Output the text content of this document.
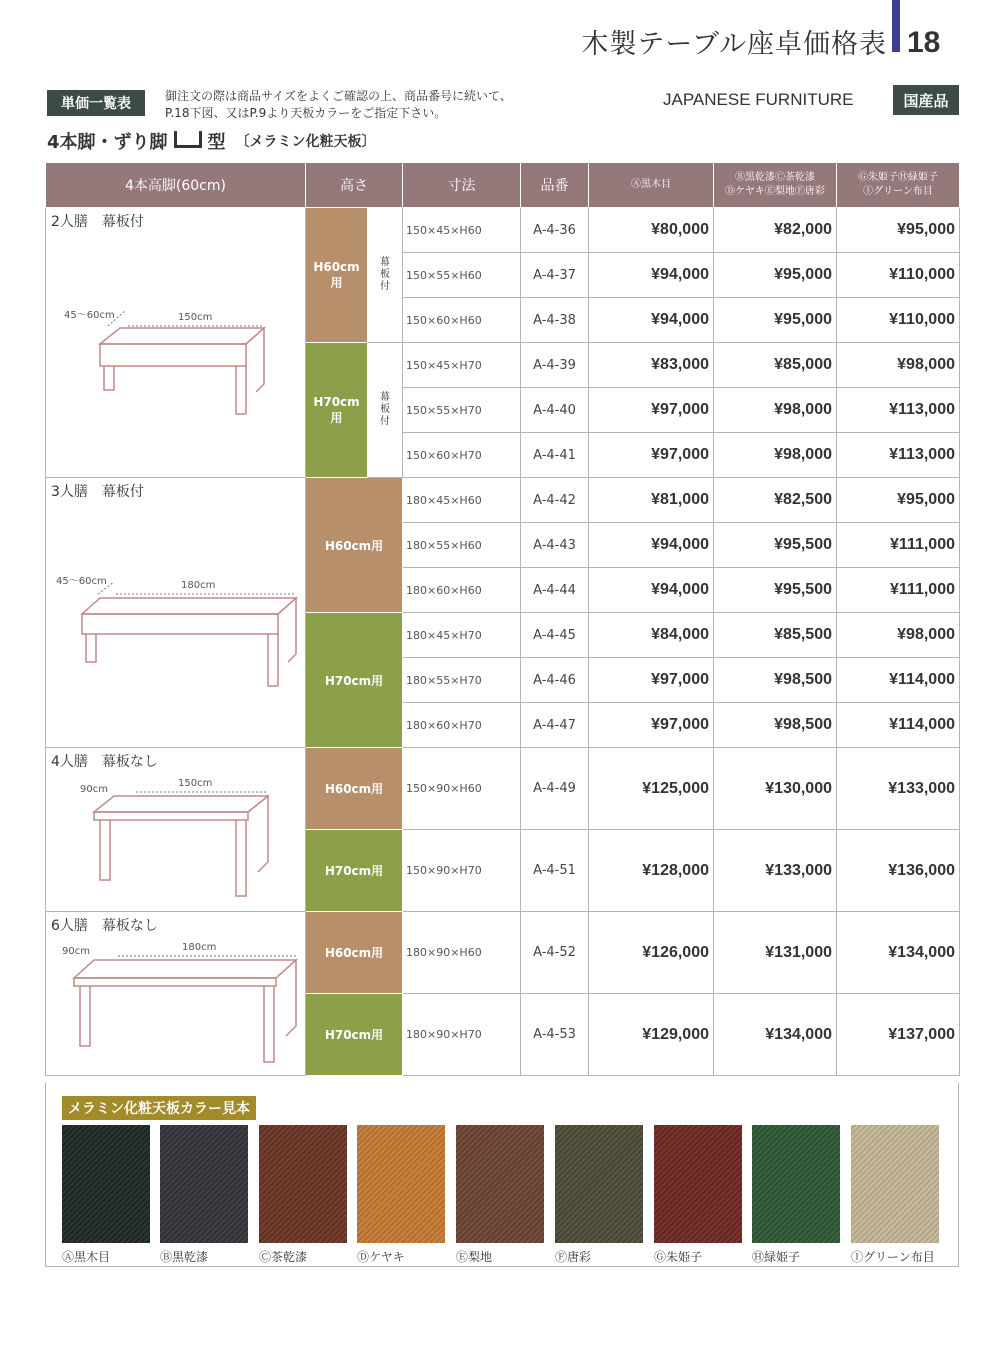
木製テーブル座卓価格表 18
単価一覧表	御注文の際は商品サイズをよくご確認の上、商品番号に続いて、
P.18下図、又はP.9より天板カラーをご指定下さい。
JAPANESE FURNITURE	国産品
4本脚・ずり脚 型 〔メラミン化粧天板〕
4本高脚(60cm)	高さ		寸法	品番	Ⓐ黒木目	Ⓑ黒乾漆Ⓒ茶乾漆
ⒹケヤキⒺ梨地Ⓕ唐彩	Ⓖ朱姫子Ⓗ緑姫子
Ⓘグリーン布目

2人膳　幕板付
45〜60cm 150cm	H60cm
用	幕
板
付	150×45×H60	A-4-36	¥80,000	¥82,000	¥95,000
			150×55×H60	A-4-37	¥94,000	¥95,000	¥110,000
			150×60×H60	A-4-38	¥94,000	¥95,000	¥110,000
	H70cm
用	幕
板
付	150×45×H70	A-4-39	¥83,000	¥85,000	¥98,000
			150×55×H70	A-4-40	¥97,000	¥98,000	¥113,000
			150×60×H70	A-4-41	¥97,000	¥98,000	¥113,000

3人膳　幕板付
45〜60cm 180cm	H60cm用		180×45×H60	A-4-42	¥81,000	¥82,500	¥95,000
			180×55×H60	A-4-43	¥94,000	¥95,500	¥111,000
			180×60×H60	A-4-44	¥94,000	¥95,500	¥111,000
	H70cm用		180×45×H70	A-4-45	¥84,000	¥85,500	¥98,000
			180×55×H70	A-4-46	¥97,000	¥98,500	¥114,000
			180×60×H70	A-4-47	¥97,000	¥98,500	¥114,000

4人膳　幕板なし
90cm
150cm	H60cm用		150×90×H60	A-4-49	¥125,000	¥130,000	¥133,000
	H70cm用		150×90×H70	A-4-51	¥128,000	¥133,000	¥136,000

6人膳　幕板なし
90cm 180cm	H60cm用		180×90×H60	A-4-52	¥126,000	¥131,000	¥134,000
	H70cm用		180×90×H70	A-4-53	¥129,000	¥134,000	¥137,000
メラミン化粧天板カラー見本
Ⓐ黒木目	Ⓑ黒乾漆	Ⓒ茶乾漆	Ⓓケヤキ	Ⓔ梨地	Ⓕ唐彩	Ⓖ朱姫子	Ⓗ緑姫子	Ⓘグリーン布目
